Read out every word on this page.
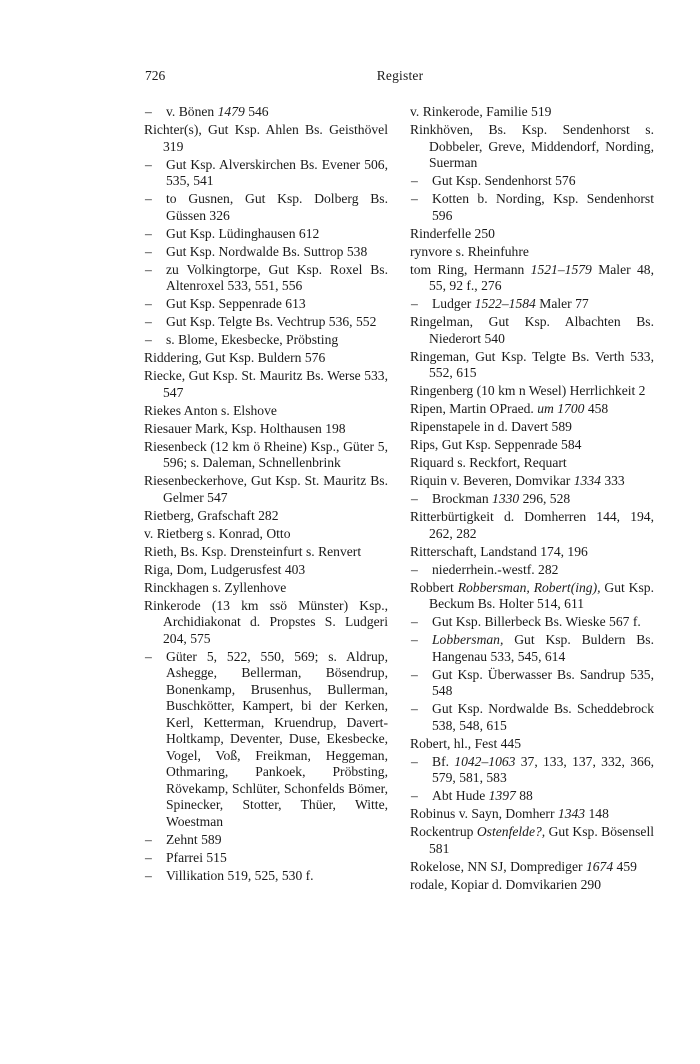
726	Register
– v. Bönen 1479 546
Richter(s), Gut Ksp. Ahlen Bs. Geisthövel 319
– Gut Ksp. Alverskirchen Bs. Evener 506, 535, 541
– to Gusnen, Gut Ksp. Dolberg Bs. Güssen 326
– Gut Ksp. Lüdinghausen 612
– Gut Ksp. Nordwalde Bs. Suttrop 538
– zu Volkingtorpe, Gut Ksp. Roxel Bs. Altenroxel 533, 551, 556
– Gut Ksp. Seppenrade 613
– Gut Ksp. Telgte Bs. Vechtrup 536, 552
– s. Blome, Ekesbecke, Pröbsting
Riddering, Gut Ksp. Buldern 576
Riecke, Gut Ksp. St. Mauritz Bs. Werse 533, 547
Riekes Anton s. Elshove
Riesauer Mark, Ksp. Holthausen 198
Riesenbeck (12 km ö Rheine) Ksp., Güter 5, 596; s. Daleman, Schnellenbrink
Riesenbeckerhove, Gut Ksp. St. Mauritz Bs. Gelmer 547
Rietberg, Grafschaft 282
v. Rietberg s. Konrad, Otto
Rieth, Bs. Ksp. Drensteinfurt s. Renvert
Riga, Dom, Ludgerusfest 403
Rinckhagen s. Zyllenhove
Rinkerode (13 km ssö Münster) Ksp., Archidiakonat d. Propstes S. Ludgeri 204, 575
– Güter 5, 522, 550, 569; s. Aldrup, Ashegge, Bellerman, Bösendrup, Bonenkamp, Brusenhus, Bullerman, Buschkötter, Kampert, bi der Kerken, Kerl, Ketterman, Kruendrup, Davert-Holtkamp, Deventer, Duse, Ekesbecke, Vogel, Voß, Freikman, Heggeman, Othmaring, Pankoek, Pröbsting, Rövekamp, Schlüter, Schonfelds Bömer, Spinecker, Stotter, Thüer, Witte, Woestman
– Zehnt 589
– Pfarrei 515
– Villikation 519, 525, 530 f.
v. Rinkerode, Familie 519
Rinkhöven, Bs. Ksp. Sendenhorst s. Dobbeler, Greve, Middendorf, Nording, Suerman
– Gut Ksp. Sendenhorst 576
– Kotten b. Nording, Ksp. Sendenhorst 596
Rinderfelle 250
rynvore s. Rheinfuhre
tom Ring, Hermann 1521–1579 Maler 48, 55, 92 f., 276
– Ludger 1522–1584 Maler 77
Ringelman, Gut Ksp. Albachten Bs. Niederort 540
Ringeman, Gut Ksp. Telgte Bs. Verth 533, 552, 615
Ringenberg (10 km n Wesel) Herrlichkeit 2
Ripen, Martin OPraed. um 1700 458
Ripenstapele in d. Davert 589
Rips, Gut Ksp. Seppenrade 584
Riquard s. Reckfort, Requart
Riquin v. Beveren, Domvikar 1334 333
– Brockman 1330 296, 528
Ritterbürtigkeit d. Domherren 144, 194, 262, 282
Ritterschaft, Landstand 174, 196
– niederrhein.-westf. 282
Robbert Robbersman, Robert(ing), Gut Ksp. Beckum Bs. Holter 514, 611
– Gut Ksp. Billerbeck Bs. Wieske 567 f.
– Lobbersman, Gut Ksp. Buldern Bs. Hangenau 533, 545, 614
– Gut Ksp. Überwasser Bs. Sandrup 535, 548
– Gut Ksp. Nordwalde Bs. Scheddebrock 538, 548, 615
Robert, hl., Fest 445
– Bf. 1042–1063 37, 133, 137, 332, 366, 579, 581, 583
– Abt Hude 1397 88
Robinus v. Sayn, Domherr 1343 148
Rockentrup Ostenfelde?, Gut Ksp. Bösensell 581
Rokelose, NN SJ, Domprediger 1674 459
rodale, Kopiar d. Domvikarien 290
